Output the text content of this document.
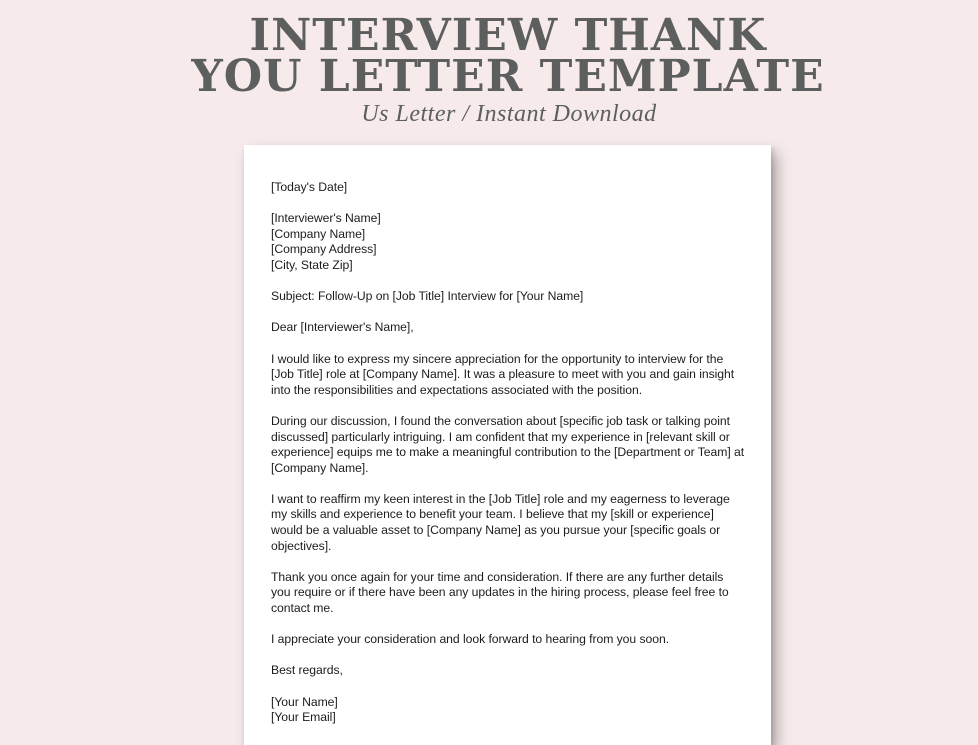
INTERVIEW THANK
YOU LETTER TEMPLATE
Us Letter / Instant Download
[Today's Date]
[Interviewer's Name]
[Company Name]
[Company Address]
[City, State Zip]
Subject: Follow-Up on [Job Title] Interview for [Your Name]
Dear [Interviewer's Name],
I would like to express my sincere appreciation for the opportunity to interview for the
[Job Title] role at [Company Name]. It was a pleasure to meet with you and gain insight
into the responsibilities and expectations associated with the position.
During our discussion, I found the conversation about [specific job task or talking point
discussed] particularly intriguing. I am confident that my experience in [relevant skill or
experience] equips me to make a meaningful contribution to the [Department or Team] at
[Company Name].
I want to reaffirm my keen interest in the [Job Title] role and my eagerness to leverage
my skills and experience to benefit your team. I believe that my [skill or experience]
would be a valuable asset to [Company Name] as you pursue your [specific goals or
objectives].
Thank you once again for your time and consideration. If there are any further details
you require or if there have been any updates in the hiring process, please feel free to
contact me.
I appreciate your consideration and look forward to hearing from you soon.
Best regards,
[Your Name]
[Your Email]
